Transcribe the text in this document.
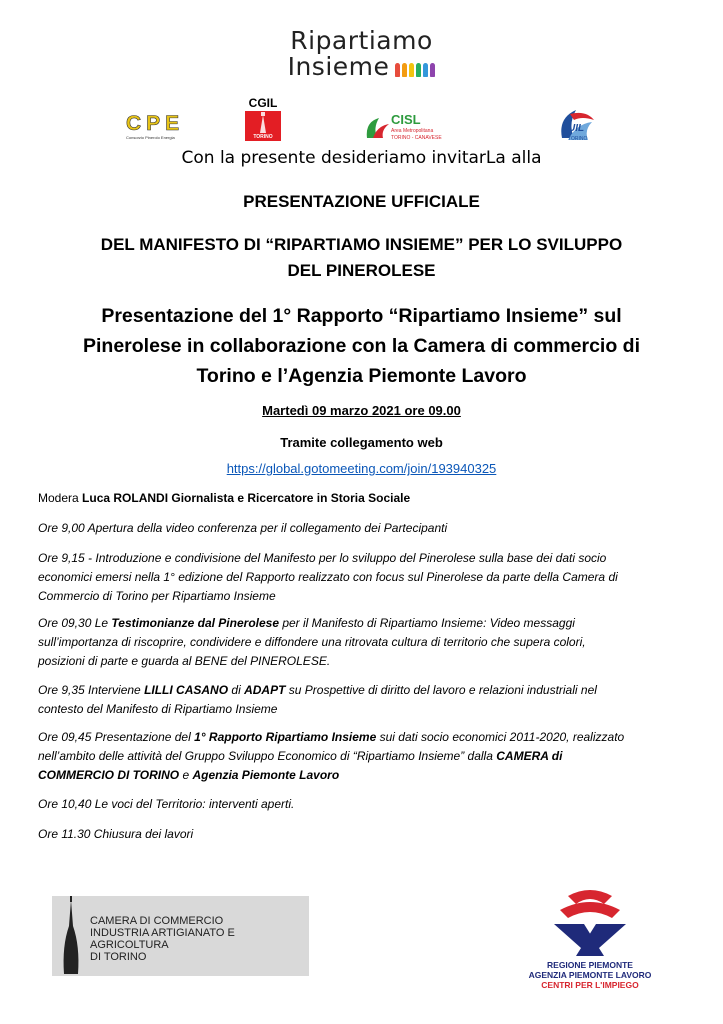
Ripartiamo
Insieme
CPE
Consorzio Pinerolo Energia
CGIL
TORINO
CISL
Area Metropolitana
TORINO - CANAVESE
UIL
TORINO
Con la presente desideriamo invitarLa alla
PRESENTAZIONE UFFICIALE
DEL MANIFESTO DI “RIPARTIAMO INSIEME” PER LO SVILUPPO
DEL PINEROLESE
Presentazione del 1° Rapporto “Ripartiamo Insieme” sul
Pinerolese in collaborazione con la Camera di commercio di
Torino e l’Agenzia Piemonte Lavoro
Martedì 09 marzo 2021 ore 09.00
Tramite collegamento web
https://global.gotomeeting.com/join/193940325
Modera Luca ROLANDI Giornalista e Ricercatore in Storia Sociale
Ore 9,00 Apertura della video conferenza per il collegamento dei Partecipanti
Ore 9,15 - Introduzione e condivisione del Manifesto per lo sviluppo del Pinerolese sulla base dei dati socio
economici emersi nella 1° edizione del Rapporto realizzato con focus sul Pinerolese da parte della Camera di
Commercio di Torino per Ripartiamo Insieme
Ore 09,30 Le Testimonianze dal Pinerolese per il Manifesto di Ripartiamo Insieme: Video messaggi
sull’importanza di riscoprire, condividere e diffondere una ritrovata cultura di territorio che supera colori,
posizioni di parte e guarda al BENE del PINEROLESE.
Ore 9,35 Interviene LILLI CASANO di ADAPT su Prospettive di diritto del lavoro e relazioni industriali nel
contesto del Manifesto di Ripartiamo Insieme
Ore 09,45 Presentazione del 1° Rapporto Ripartiamo Insieme sui dati socio economici 2011-2020, realizzato
nell’ambito delle attività del Gruppo Sviluppo Economico di “Ripartiamo Insieme” dalla CAMERA di
COMMERCIO DI TORINO e Agenzia Piemonte Lavoro
Ore 10,40 Le voci del Territorio: interventi aperti.
Ore 11.30 Chiusura dei lavori
CAMERA DI COMMERCIO
INDUSTRIA ARTIGIANATO E AGRICOLTURA
DI TORINO
REGIONE PIEMONTE
AGENZIA PIEMONTE LAVORO
CENTRI PER L'IMPIEGO
